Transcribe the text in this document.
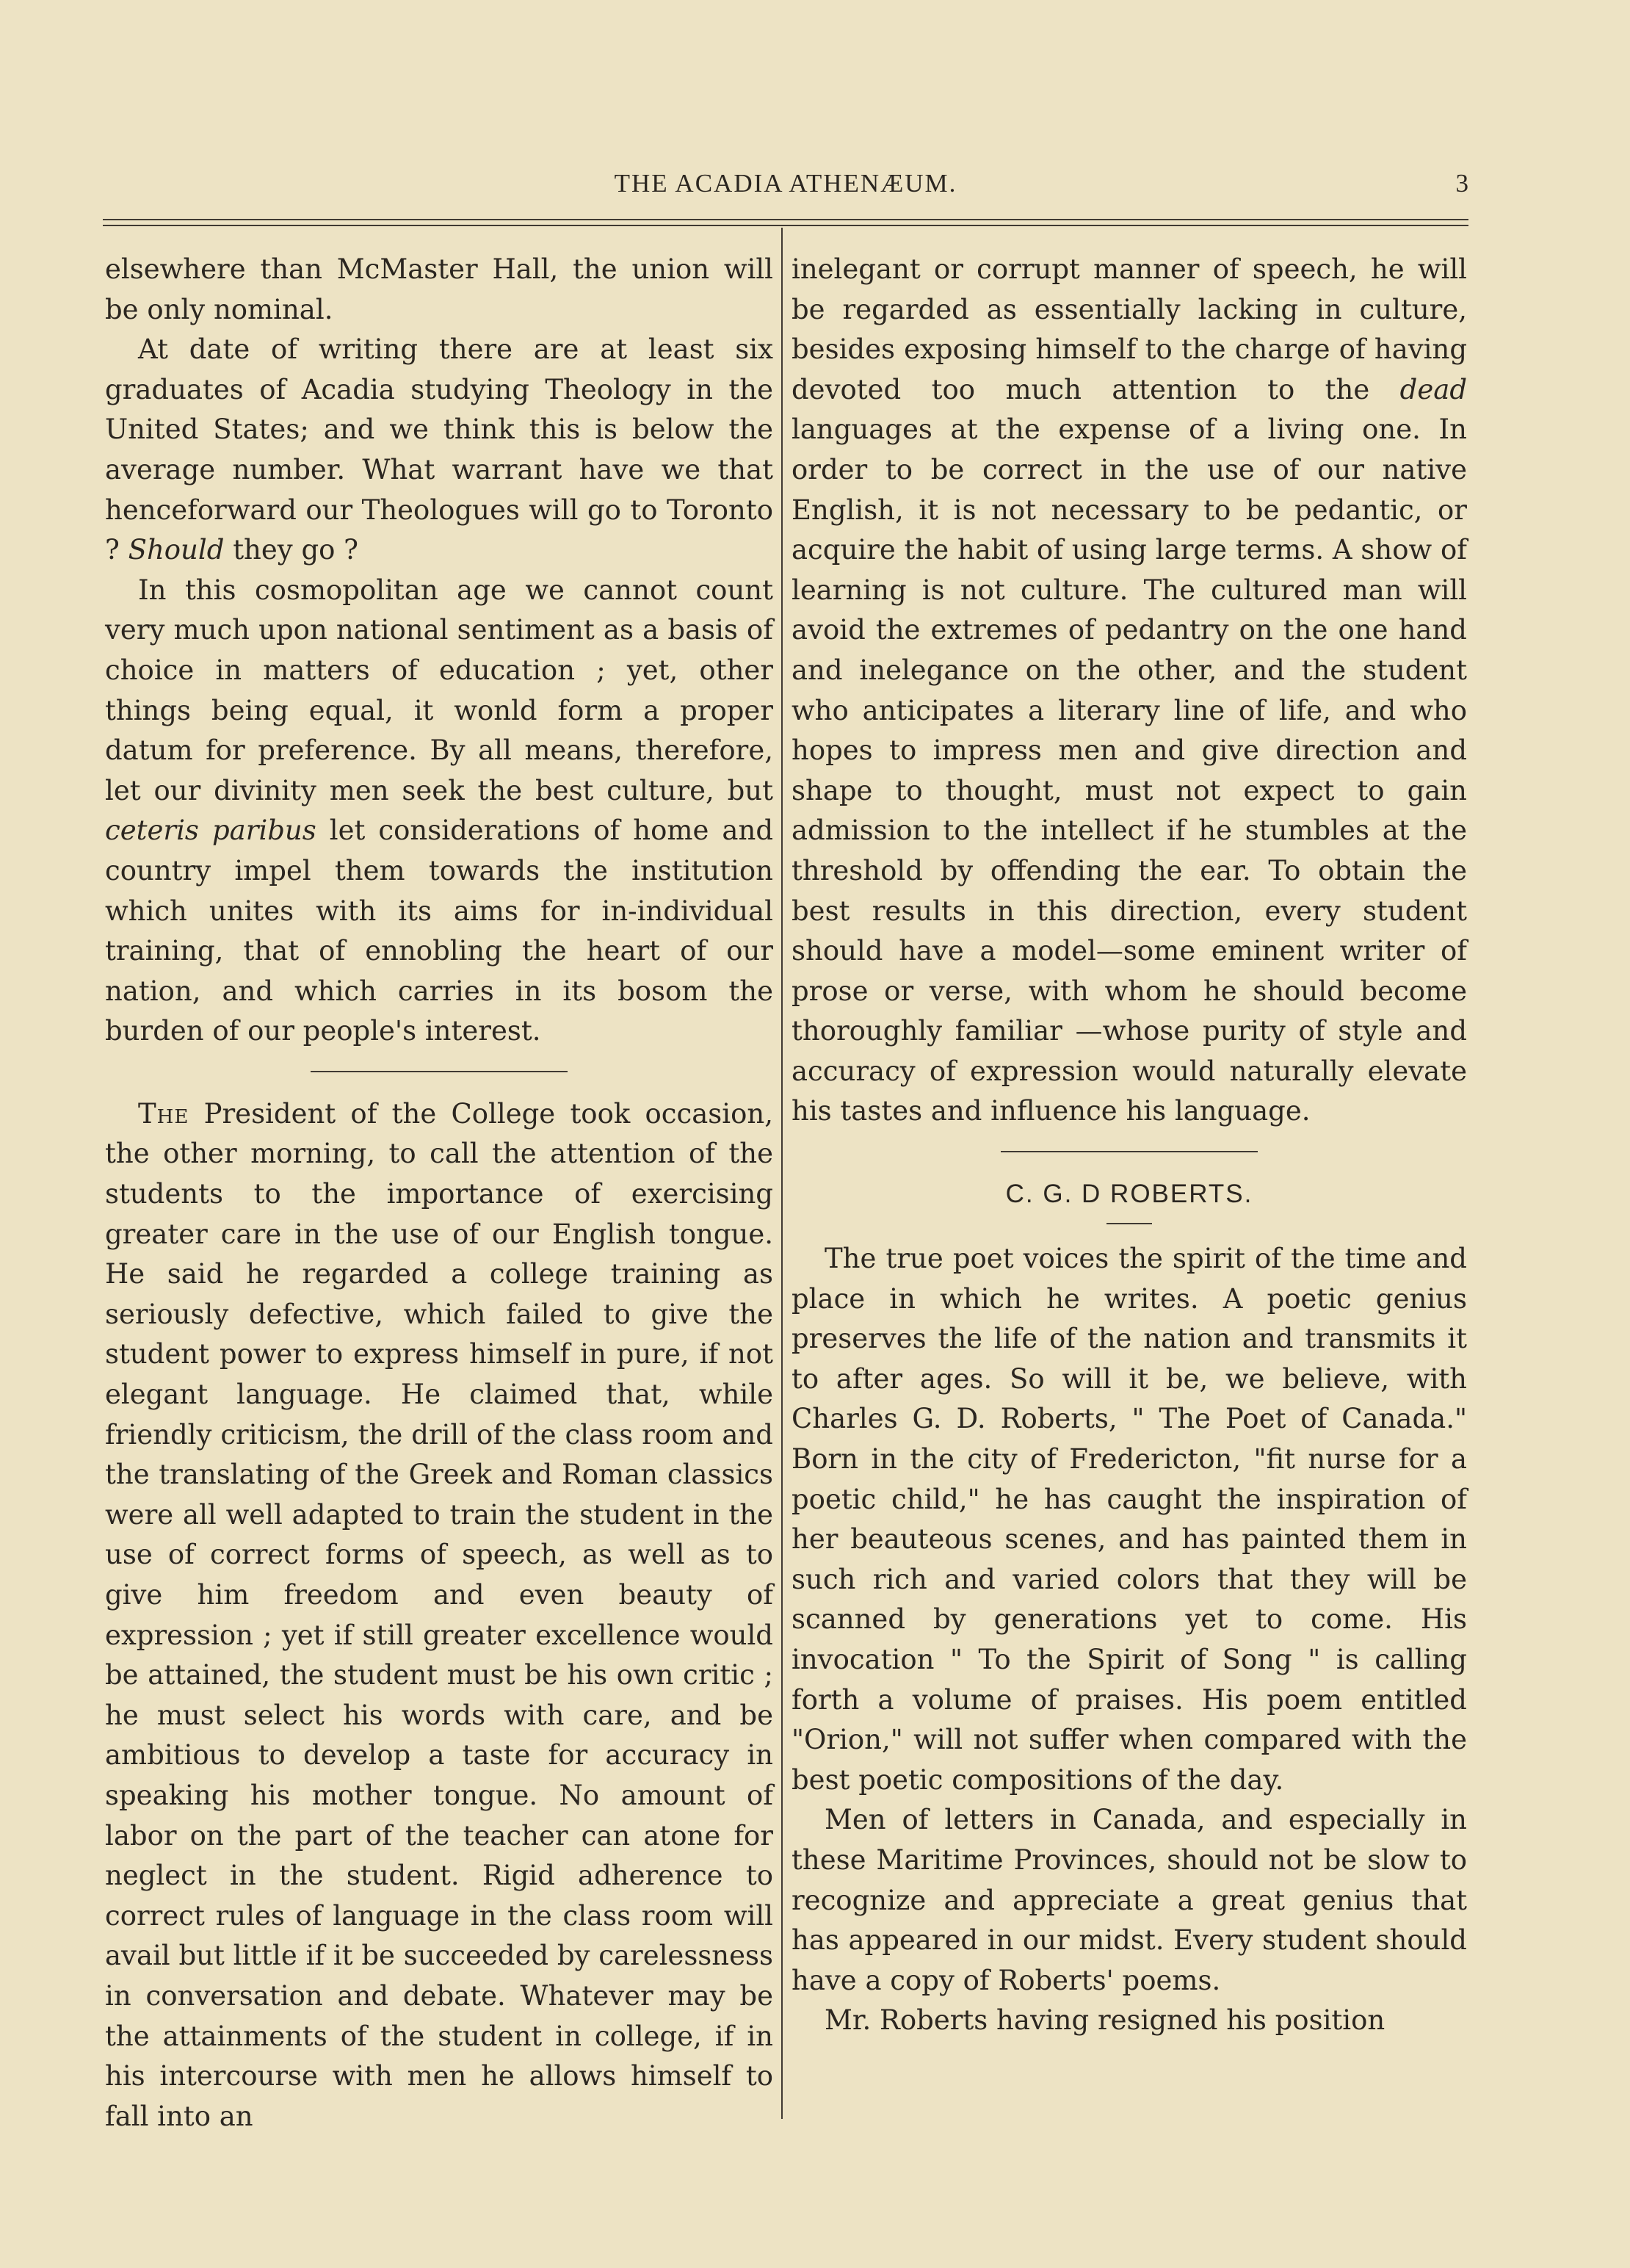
THE ACADIA ATHENÆUM.	3

elsewhere than McMaster Hall, the union will be only nominal.

At date of writing there are at least six graduates of Acadia studying Theology in the United States; and we think this is below the average number. What warrant have we that henceforward our Theologues will go to Toronto ? Should they go ?

In this cosmopolitan age we cannot count very much upon national sentiment as a basis of choice in matters of education ; yet, other things being equal, it wonld form a proper datum for preference. By all means, therefore, let our divinity men seek the best culture, but ceteris paribus let considerations of home and country impel them towards the institution which unites with its aims for in-individual training, that of ennobling the heart of our nation, and which carries in its bosom the burden of our people's interest.

The President of the College took occasion, the other morning, to call the attention of the students to the importance of exercising greater care in the use of our English tongue. He said he regarded a college training as seriously defective, which failed to give the student power to express himself in pure, if not elegant language. He claimed that, while friendly criticism, the drill of the class room and the translating of the Greek and Roman classics were all well adapted to train the student in the use of correct forms of speech, as well as to give him freedom and even beauty of expression ; yet if still greater excellence would be attained, the student must be his own critic ; he must select his words with care, and be ambitious to develop a taste for accuracy in speaking his mother tongue. No amount of labor on the part of the teacher can atone for neglect in the student. Rigid adherence to correct rules of language in the class room will avail but little if it be succeeded by carelessness in conversation and debate. Whatever may be the attainments of the student in college, if in his intercourse with men he allows himself to fall into an

inelegant or corrupt manner of speech, he will be regarded as essentially lacking in culture, besides exposing himself to the charge of having devoted too much attention to the dead languages at the expense of a living one. In order to be correct in the use of our native English, it is not necessary to be pedantic, or acquire the habit of using large terms. A show of learning is not culture. The cultured man will avoid the extremes of pedantry on the one hand and inelegance on the other, and the student who anticipates a literary line of life, and who hopes to impress men and give direction and shape to thought, must not expect to gain admission to the intellect if he stumbles at the threshold by offending the ear. To obtain the best results in this direction, every student should have a model—some eminent writer of prose or verse, with whom he should become thoroughly familiar —whose purity of style and accuracy of expression would naturally elevate his tastes and influence his language.

C. G. D ROBERTS.

The true poet voices the spirit of the time and place in which he writes. A poetic genius preserves the life of the nation and transmits it to after ages. So will it be, we believe, with Charles G. D. Roberts, " The Poet of Canada." Born in the city of Fredericton, "fit nurse for a poetic child," he has caught the inspiration of her beauteous scenes, and has painted them in such rich and varied colors that they will be scanned by generations yet to come. His invocation " To the Spirit of Song " is calling forth a volume of praises. His poem entitled "Orion," will not suffer when compared with the best poetic compositions of the day.

Men of letters in Canada, and especially in these Maritime Provinces, should not be slow to recognize and appreciate a great genius that has appeared in our midst. Every student should have a copy of Roberts' poems.

Mr. Roberts having resigned his position
